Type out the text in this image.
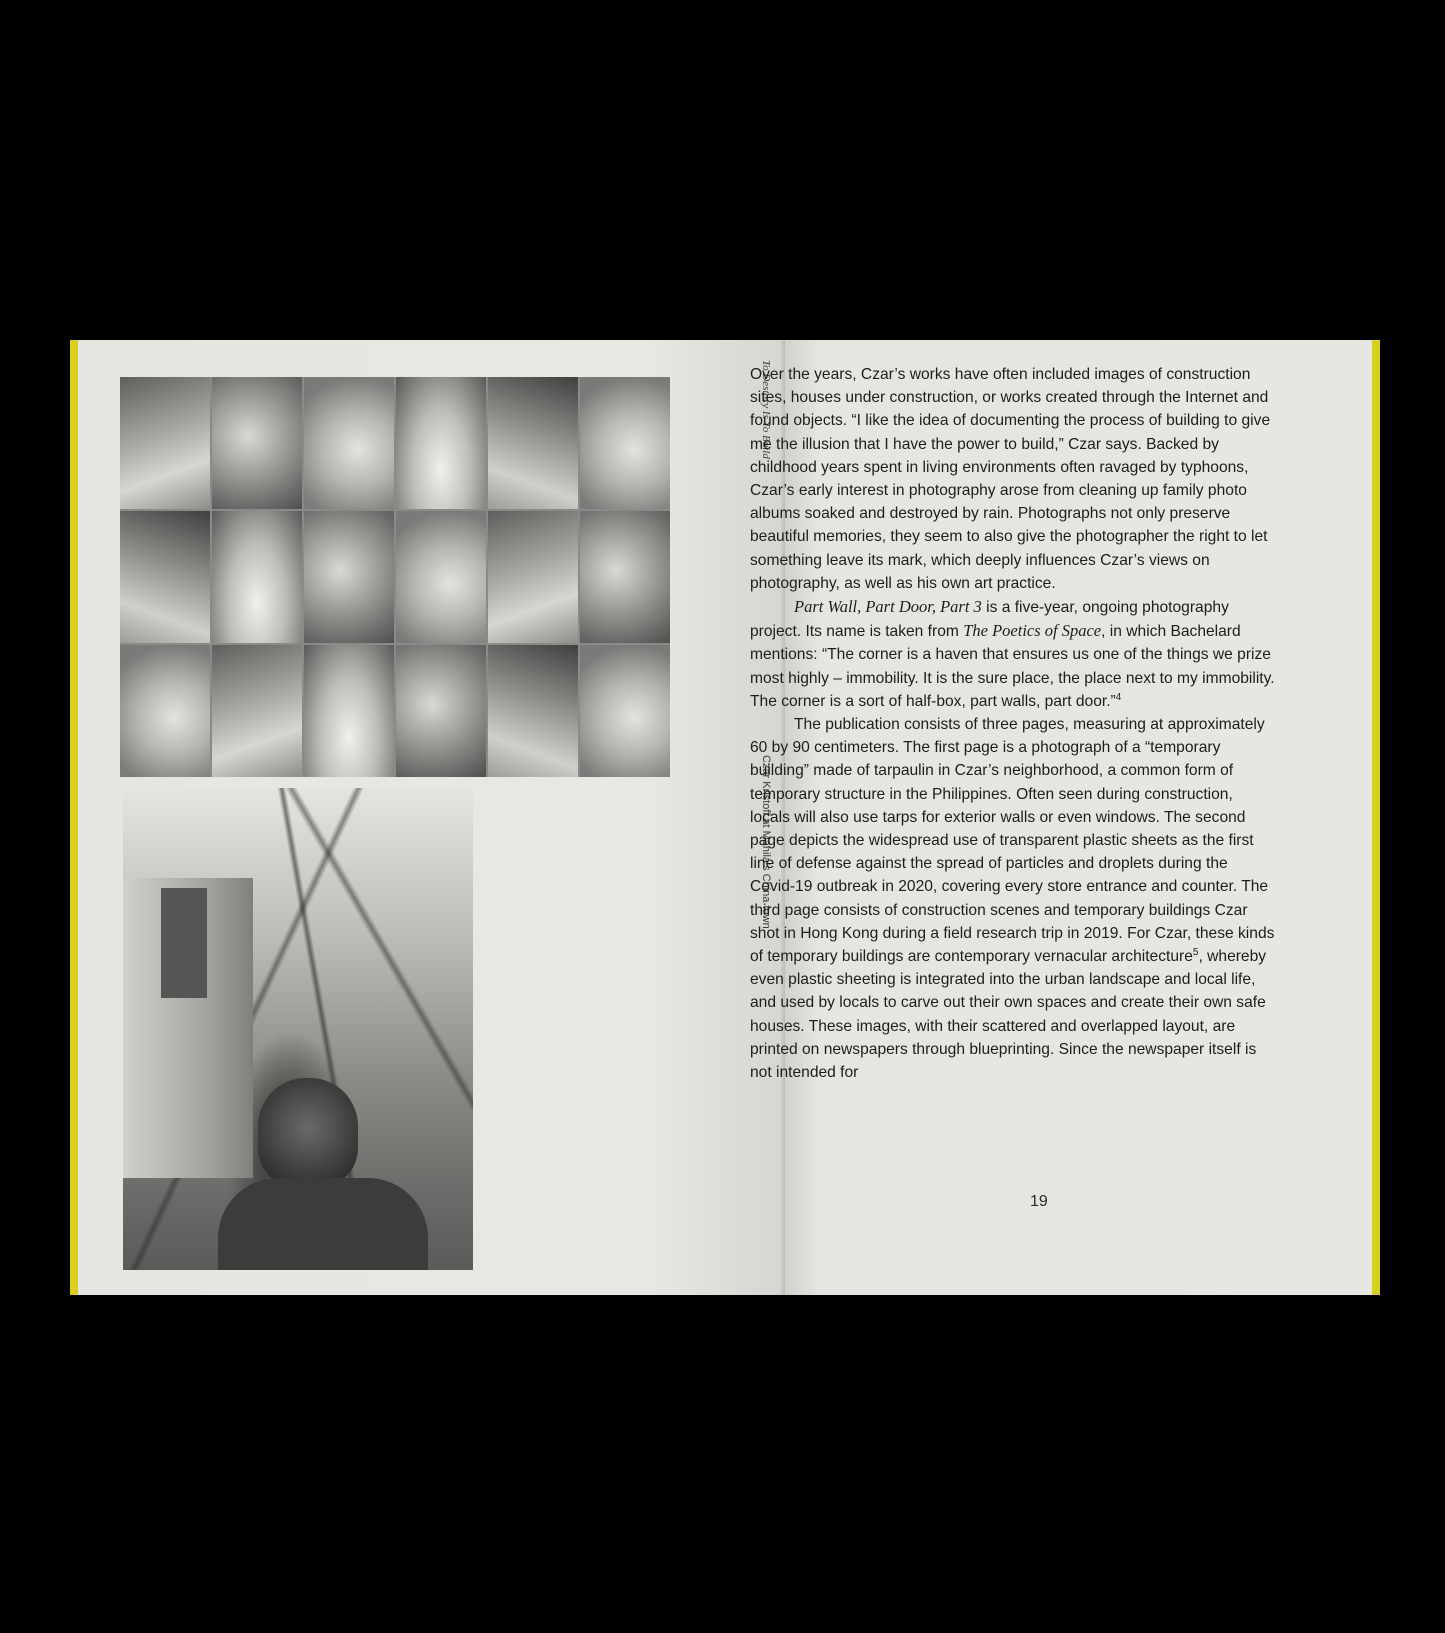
To Destory Is To Build
Czar Kristoff at Manila's China town

Over the years, Czar’s works have often included images of construction sites, houses under construction, or works created through the Internet and found objects. “I like the idea of documenting the process of building to give me the illusion that I have the power to build,” Czar says. Backed by childhood years spent in living environments often ravaged by typhoons, Czar’s early interest in photography arose from cleaning up family photo albums soaked and destroyed by rain. Photographs not only preserve beautiful memories, they seem to also give the photographer the right to let something leave its mark, which deeply influences Czar’s views on photography, as well as his own art practice.

Part Wall, Part Door, Part 3 is a five-year, ongoing photography project. Its name is taken from The Poetics of Space, in which Bachelard mentions: “The corner is a haven that ensures us one of the things we prize most highly – immobility. It is the sure place, the place next to my immobility. The corner is a sort of half-box, part walls, part door.”$^4$

The publication consists of three pages, measuring at approximately 60 by 90 centimeters. The first page is a photograph of a “temporary building” made of tarpaulin in Czar’s neighborhood, a common form of temporary structure in the Philippines. Often seen during construction, locals will also use tarps for exterior walls or even windows. The second page depicts the widespread use of transparent plastic sheets as the first line of defense against the spread of particles and droplets during the Covid-19 outbreak in 2020, covering every store entrance and counter. The third page consists of construction scenes and temporary buildings Czar shot in Hong Kong during a field research trip in 2019. For Czar, these kinds of temporary buildings are contemporary vernacular architecture$^5$, whereby even plastic sheeting is integrated into the urban landscape and local life, and used by locals to carve out their own spaces and create their own safe houses. These images, with their scattered and overlapped layout, are printed on newspapers through blueprinting. Since the newspaper itself is not intended for

19
